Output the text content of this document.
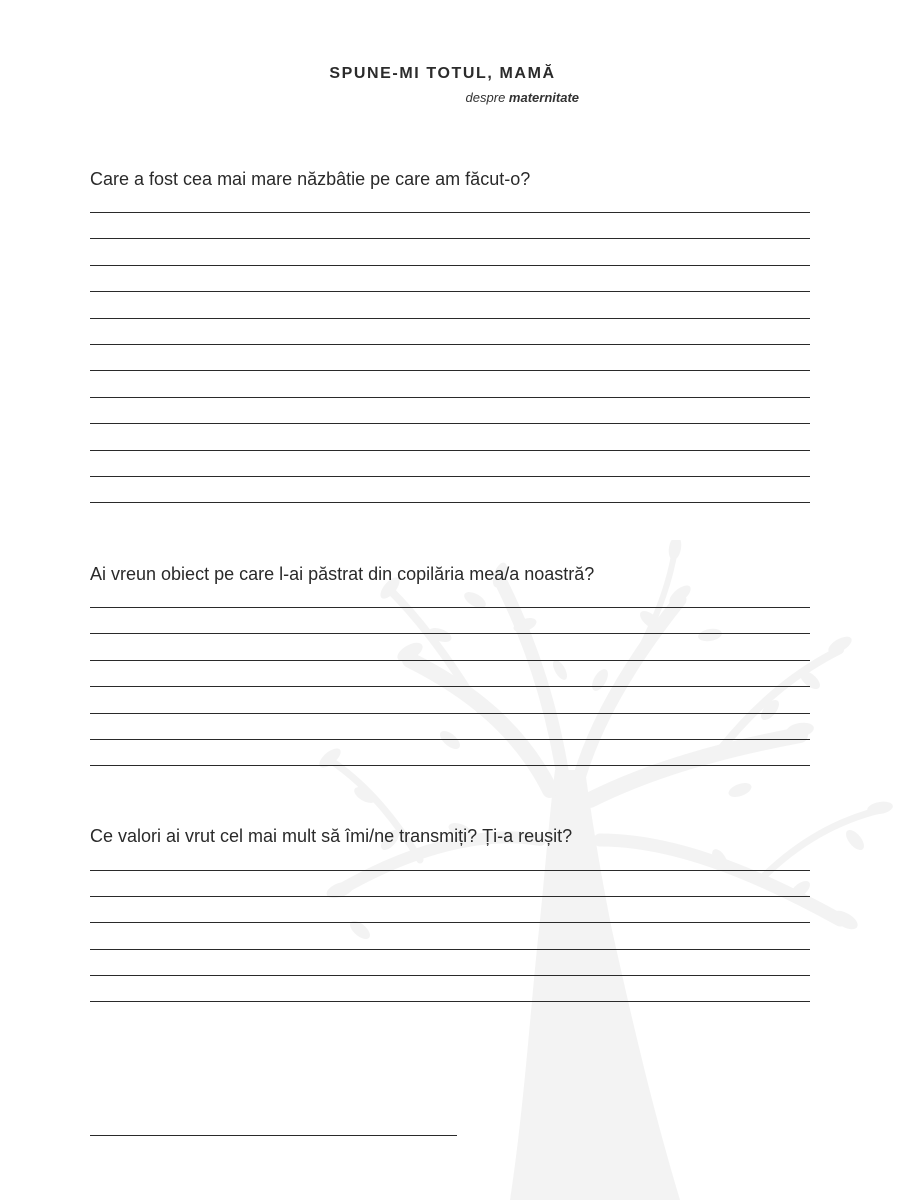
SPUNE-MI TOTUL, MAMĂ
despre maternitate
Care a fost cea mai mare năzbâtie pe care am făcut-o?
Ai vreun obiect pe care l-ai păstrat din copilăria mea/a noastră?
Ce valori ai vrut cel mai mult să îmi/ne transmiți? Ți-a reușit?
